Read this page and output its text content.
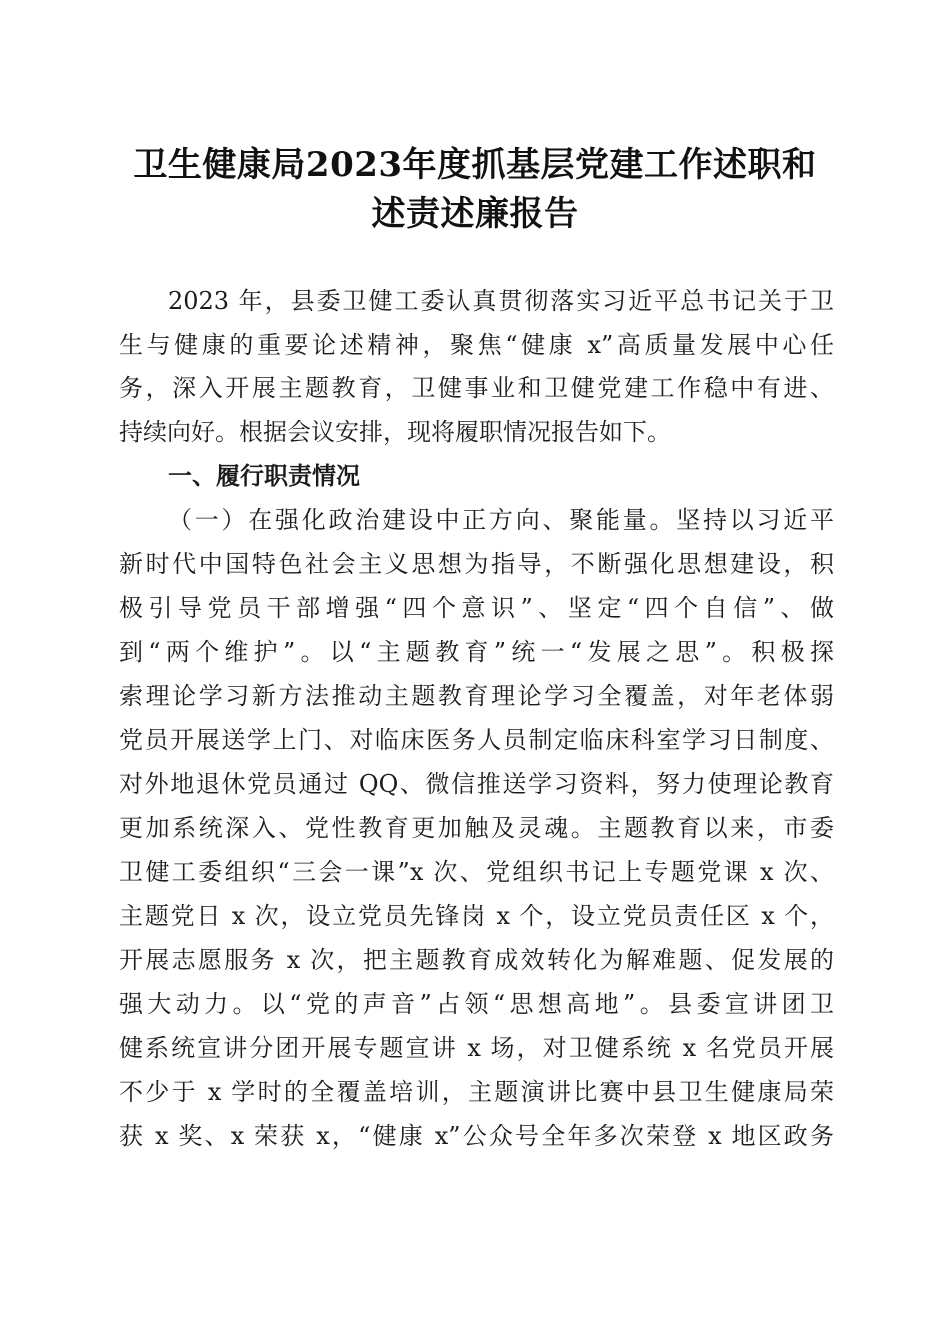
卫生健康局2023年度抓基层党建工作述职和
述责述廉报告
2023 年，县委卫健工委认真贯彻落实习近平总书记关于卫
生与健康的重要论述精神，聚焦“健康 x”高质量发展中心任
务，深入开展主题教育，卫健事业和卫健党建工作稳中有进、
持续向好。根据会议安排，现将履职情况报告如下。
一、履行职责情况
（一）在强化政治建设中正方向、聚能量。坚持以习近平
新时代中国特色社会主义思想为指导，不断强化思想建设，积
极引导党员干部增强“四个意识”、坚定“四个自信”、做
到“两个维护”。以“主题教育”统一“发展之思”。积极探
索理论学习新方法推动主题教育理论学习全覆盖，对年老体弱
党员开展送学上门、对临床医务人员制定临床科室学习日制度、
对外地退休党员通过 QQ、微信推送学习资料，努力使理论教育
更加系统深入、党性教育更加触及灵魂。主题教育以来，市委
卫健工委组织“三会一课”x 次、党组织书记上专题党课 x 次、
主题党日 x 次，设立党员先锋岗 x 个，设立党员责任区 x 个，
开展志愿服务 x 次，把主题教育成效转化为解难题、促发展的
强大动力。以“党的声音”占领“思想高地”。县委宣讲团卫
健系统宣讲分团开展专题宣讲 x 场，对卫健系统 x 名党员开展
不少于 x 学时的全覆盖培训，主题演讲比赛中县卫生健康局荣
获 x 奖、x 荣获 x，“健康 x”公众号全年多次荣登 x 地区政务
